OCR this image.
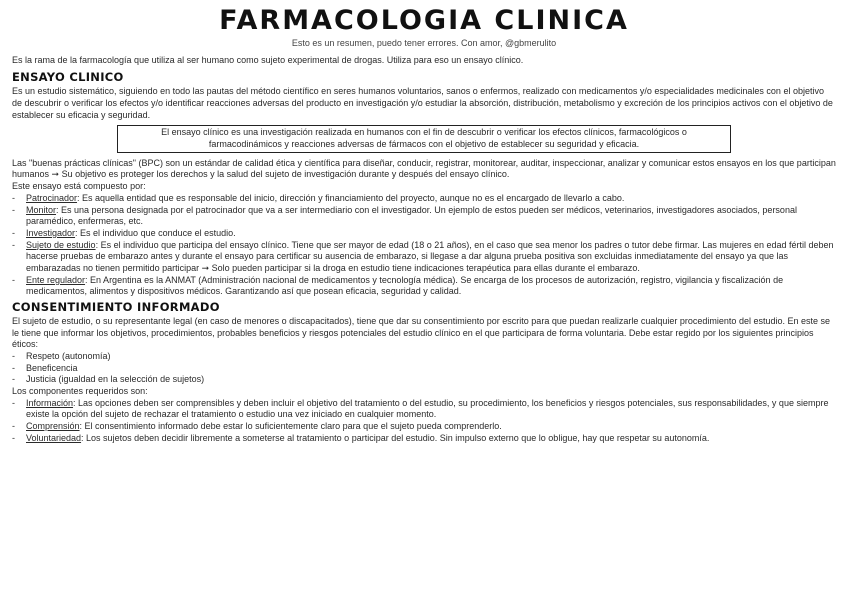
FARMACOLOGIA CLINICA

Esto es un resumen, puedo tener errores. Con amor, @gbmerulito

Es la rama de la farmacología que utiliza al ser humano como sujeto experimental de drogas. Utiliza para eso un ensayo clínico.

ENSAYO CLINICO

Es un estudio sistemático, siguiendo en todo las pautas del método científico en seres humanos voluntarios, sanos o enfermos, realizado con medicamentos y/o especialidades medicinales con el objetivo de descubrir o verificar los efectos y/o identificar reacciones adversas del producto en investigación y/o estudiar la absorción, distribución, metabolismo y excreción de los principios activos con el objetivo de establecer su eficacia y seguridad.

El ensayo clínico es una investigación realizada en humanos con el fin de descubrir o verificar los efectos clínicos, farmacológicos o farmacodinámicos y reacciones adversas de fármacos con el objetivo de establecer su seguridad y eficacia.

Las "buenas prácticas clínicas" (BPC) son un estándar de calidad ética y científica para diseñar, conducir, registrar, monitorear, auditar, inspeccionar, analizar y comunicar estos ensayos en los que participan humanos ➞ Su objetivo es proteger los derechos y la salud del sujeto de investigación durante y después del ensayo clínico.

Este ensayo está compuesto por:

- Patrocinador: Es aquella entidad que es responsable del inicio, dirección y financiamiento del proyecto, aunque no es el encargado de llevarlo a cabo.
- Monitor: Es una persona designada por el patrocinador que va a ser intermediario con el investigador. Un ejemplo de estos pueden ser médicos, veterinarios, investigadores asociados, personal paramédico, enfermeras, etc.
- Investigador: Es el individuo que conduce el estudio.
- Sujeto de estudio: Es el individuo que participa del ensayo clínico. Tiene que ser mayor de edad (18 o 21 años), en el caso que sea menor los padres o tutor debe firmar. Las mujeres en edad fértil deben hacerse pruebas de embarazo antes y durante el ensayo para certificar su ausencia de embarazo, si llegase a dar alguna prueba positiva son excluidas inmediatamente del ensayo ya que las embarazadas no tienen permitido participar ➞ Solo pueden participar si la droga en estudio tiene indicaciones terapéutica para ellas durante el embarazo.
- Ente regulador: En Argentina es la ANMAT (Administración nacional de medicamentos y tecnología médica). Se encarga de los procesos de autorización, registro, vigilancia y fiscalización de medicamentos, alimentos y dispositivos médicos. Garantizando así que posean eficacia, seguridad y calidad.
CONSENTIMIENTO INFORMADO

El sujeto de estudio, o su representante legal (en caso de menores o discapacitados), tiene que dar su consentimiento por escrito para que puedan realizarle cualquier procedimiento del estudio. En este se le tiene que informar los objetivos, procedimientos, probables beneficios y riesgos potenciales del estudio clínico en el que participara de forma voluntaria. Debe estar regido por los siguientes principios éticos:

- Respeto (autonomía)
- Beneficencia
- Justicia (igualdad en la selección de sujetos)

Los componentes requeridos son:

- Información: Las opciones deben ser comprensibles y deben incluir el objetivo del tratamiento o del estudio, su procedimiento, los beneficios y riesgos potenciales, sus responsabilidades, y que siempre existe la opción del sujeto de rechazar el tratamiento o estudio una vez iniciado en cualquier momento.
- Comprensión: El consentimiento informado debe estar lo suficientemente claro para que el sujeto pueda comprenderlo.
- Voluntariedad: Los sujetos deben decidir libremente a someterse al tratamiento o participar del estudio. Sin impulso externo que lo obligue, hay que respetar su autonomía.
